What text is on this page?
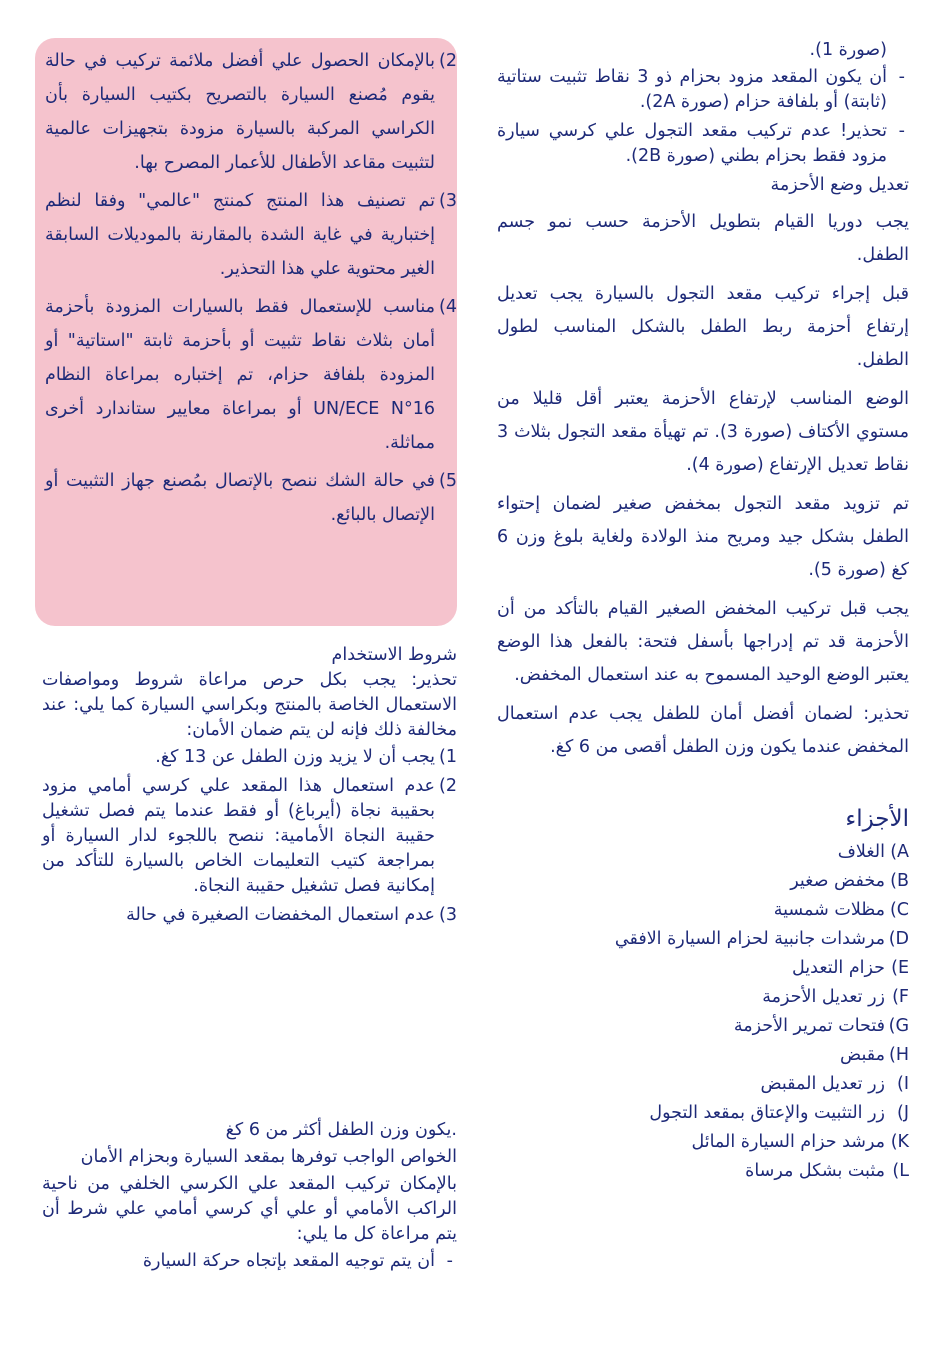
(صورة 1).

-
أن يكون المقعد مزود بحزام ذو 3 نقاط تثبيت ستاتية (ثابتة) أو بلفافة حزام (صورة 2A).
-
تحذير! عدم تركيب مقعد التجول علي كرسي سيارة مزود فقط بحزام بطني (صورة 2B).

تعديل وضع الأحزمة

يجب دوريا القيام بتطويل الأحزمة حسب نمو جسم الطفل.

قبل إجراء تركيب مقعد التجول بالسيارة يجب تعديل إرتفاع أحزمة ربط الطفل بالشكل المناسب لطول الطفل.

الوضع المناسب لإرتفاع الأحزمة يعتبر أقل قليلا من مستوي الأكتاف (صورة 3). تم تهيأة مقعد التجول بثلاث 3 نقاط تعديل الإرتفاع (صورة 4).

تم تزويد مقعد التجول بمخفض صغير لضمان إحتواء الطفل بشكل جيد ومريح منذ الولادة ولغاية بلوغ وزن 6 كغ (صورة 5).

يجب قبل تركيب المخفض الصغير القيام بالتأكد من أن الأحزمة قد تم إدراجها بأسفل فتحة: بالفعل هذا الوضع يعتبر الوضع الوحيد المسموح به عند استعمال المخفض.

تحذير: لضمان أفضل أمان للطفل يجب عدم استعمال المخفض عندما يكون وزن الطفل أقصى من 6 كغ.

الأجزاء
A)
الغلاف
B)
مخفض صغير
C)
مظلات شمسية
D)
مرشدات جانبية لحزام السيارة الافقي
E)
حزام التعديل
F)
زر تعديل الأحزمة
G)
فتحات تمرير الأحزمة
H)
مقبض
I)
زر تعديل المقبض
J)
زر التثبيت والإعتاق بمقعد التجول
K)
مرشد حزام السيارة المائل
L)
مثبت بشكل مرساة
2)
بالإمكان الحصول علي أفضل ملائمة تركيب في حالة يقوم مُصنع السيارة بالتصريح بكتيب السيارة بأن الكراسي المركبة بالسيارة مزودة بتجهيزات عالمية لتثبيت مقاعد الأطفال للأعمار المصرح بها.
3)
تم تصنيف هذا المنتج كمنتج "عالمي" وفقا لنظم إختبارية في غاية الشدة بالمقارنة بالموديلات السابقة الغير محتوية علي هذا التحذير.
4)
مناسب للإستعمال فقط بالسيارات المزودة بأحزمة أمان بثلاث نقاط تثبيت أو بأحزمة ثابتة "استاتية" أو المزودة بلفافة حزام، تم إختباره بمراعاة النظام UN/ECE N°16 أو بمراعاة معايير ستاندارد أخرى مماثلة.
5)
في حالة الشك ننصح بالإتصال بمُصنع جهاز التثبيت أو الإتصال بالبائع.

شروط الاستخدام

تحذير: يجب بكل حرص مراعاة شروط ومواصفات الاستعمال الخاصة بالمنتج وبكراسي السيارة كما يلي: عند مخالفة ذلك فإنه لن يتم ضمان الأمان:

1)
يجب أن لا يزيد وزن الطفل عن 13 كغ.
2)
عدم استعمال هذا المقعد علي كرسي أمامي مزود بحقيبة نجاة (أيرباغ) أو فقط عندما يتم فصل تشغيل حقيبة النجاة الأمامية: ننصح باللجوء لدار السيارة أو بمراجعة كتيب التعليمات الخاص بالسيارة للتأكد من إمكانية فصل تشغيل حقيبة النجاة.
3)
عدم استعمال المخفضات الصغيرة في حالة

.يكون وزن الطفل أكثر من 6 كغ

الخواص الواجب توفرها بمقعد السيارة وبحزام الأمان

بالإمكان تركيب المقعد علي الكرسي الخلفي من ناحية الراكب الأمامي أو علي أي كرسي أمامي علي شرط أن يتم مراعاة كل ما يلي:

-
أن يتم توجيه المقعد بإتجاه حركة السيارة
